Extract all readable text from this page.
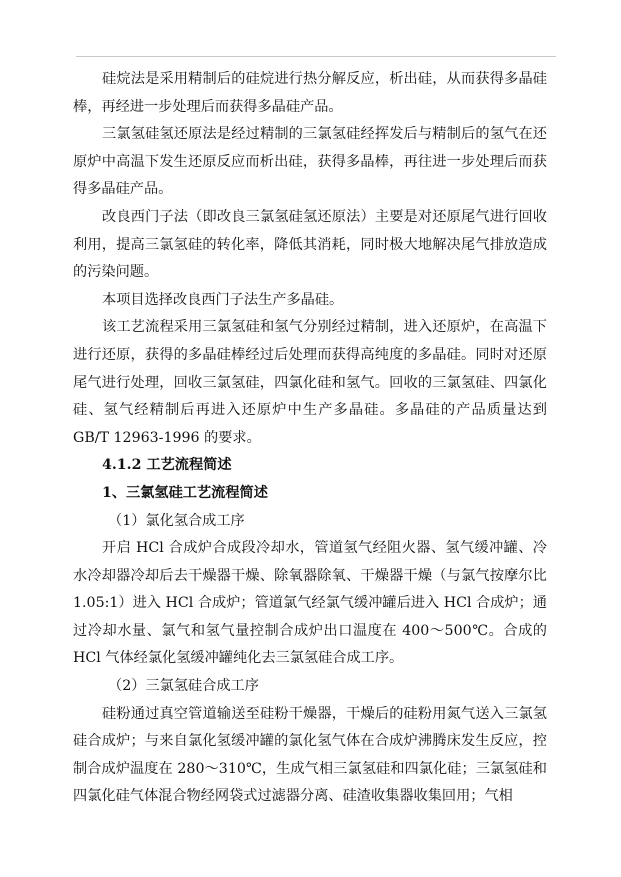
硅烷法是采用精制后的硅烷进行热分解反应，析出硅，从而获得多晶硅棒，再经进一步处理后而获得多晶硅产品。

三氯氢硅氢还原法是经过精制的三氯氢硅经挥发后与精制后的氢气在还原炉中高温下发生还原反应而析出硅，获得多晶棒，再往进一步处理后而获得多晶硅产品。

改良西门子法（即改良三氯氢硅氢还原法）主要是对还原尾气进行回收利用，提高三氯氢硅的转化率，降低其消耗，同时极大地解决尾气排放造成的污染问题。

本项目选择改良西门子法生产多晶硅。

该工艺流程采用三氯氢硅和氢气分别经过精制，进入还原炉，在高温下进行还原，获得的多晶硅棒经过后处理而获得高纯度的多晶硅。同时对还原尾气进行处理，回收三氯氢硅，四氯化硅和氢气。回收的三氯氢硅、四氯化硅、氢气经精制后再进入还原炉中生产多晶硅。多晶硅的产品质量达到 GB/T 12963-1996 的要求。

4.1.2 工艺流程简述

1、三氯氢硅工艺流程简述

（1）氯化氢合成工序

开启 HCl 合成炉合成段冷却水，管道氢气经阻火器、氢气缓冲罐、冷水冷却器冷却后去干燥器干燥、除氧器除氧、干燥器干燥（与氯气按摩尔比 1.05:1）进入 HCl 合成炉；管道氯气经氯气缓冲罐后进入 HCl 合成炉；通过冷却水量、氯气和氢气量控制合成炉出口温度在 400～500℃。合成的 HCl 气体经氯化氢缓冲罐纯化去三氯氢硅合成工序。

（2）三氯氢硅合成工序

硅粉通过真空管道输送至硅粉干燥器，干燥后的硅粉用氮气送入三氯氢硅合成炉；与来自氯化氢缓冲罐的氯化氢气体在合成炉沸腾床发生反应，控制合成炉温度在 280～310℃，生成气相三氯氢硅和四氯化硅；三氯氢硅和四氯化硅气体混合物经网袋式过滤器分离、硅渣收集器收集回用；气相
